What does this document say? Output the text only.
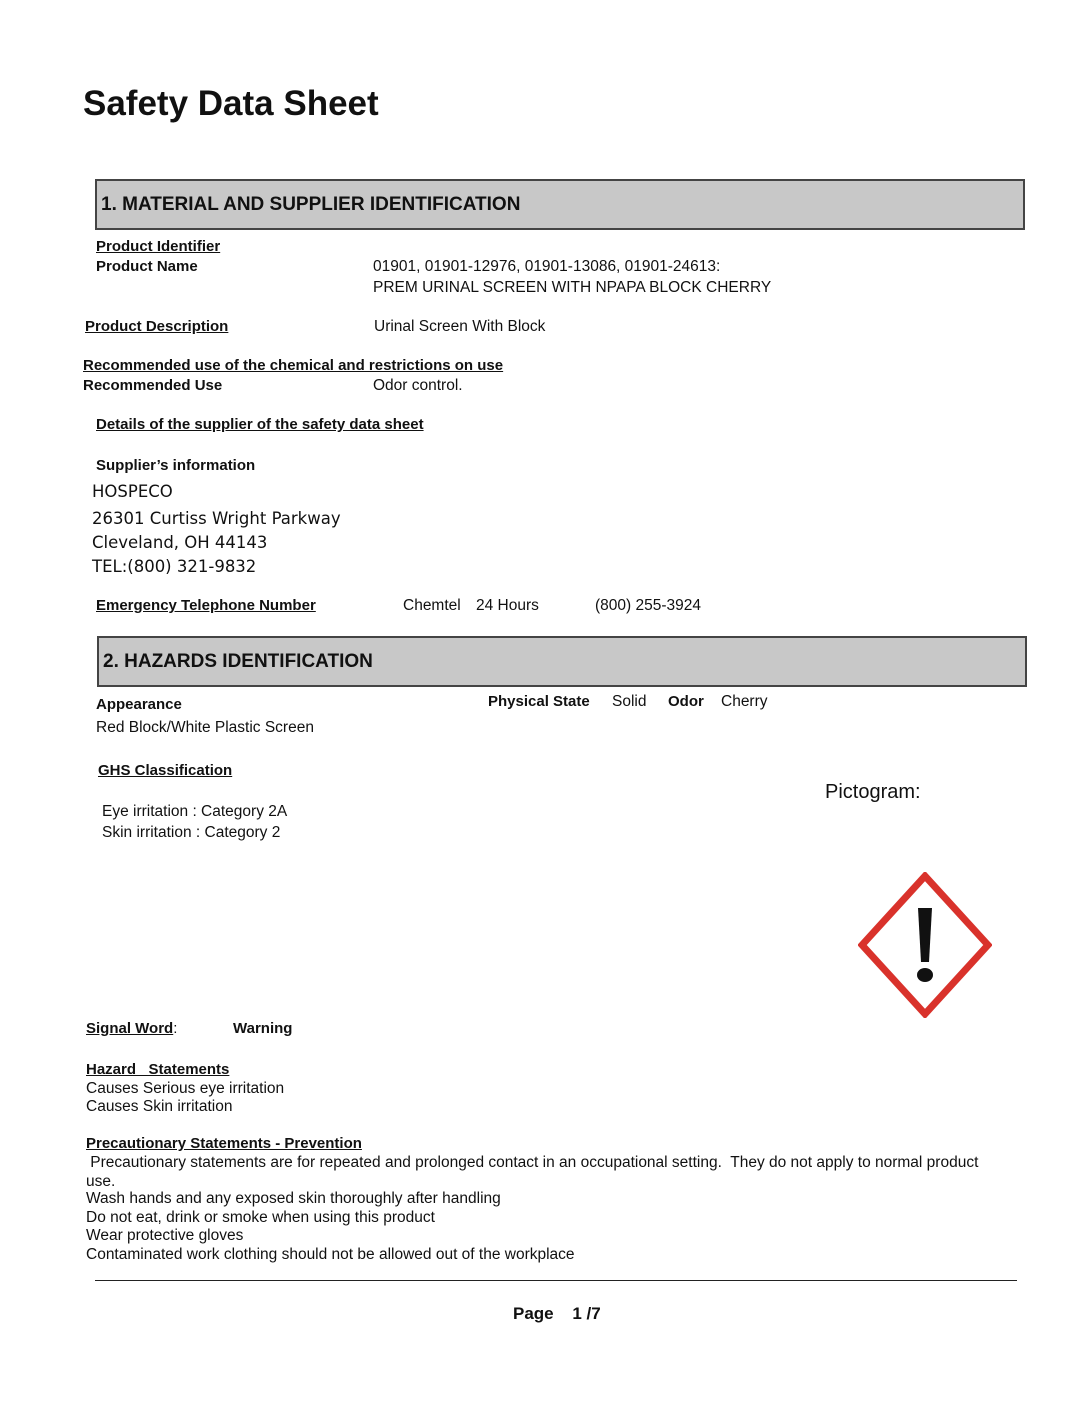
Safety Data Sheet
1. MATERIAL AND SUPPLIER IDENTIFICATION
Product Identifier
Product Name	01901, 01901-12976, 01901-13086, 01901-24613:
PREM URINAL SCREEN WITH NPAPA BLOCK CHERRY
Product Description	Urinal Screen With Block
Recommended use of the chemical and restrictions on use
Recommended Use	Odor control.
Details of the supplier of the safety data sheet
Supplier’s information
HOSPECO
26301 Curtiss Wright Parkway
Cleveland, OH 44143
TEL:(800) 321-9832
Emergency Telephone Number	Chemtel 24 Hours	(800) 255-3924
2. HAZARDS IDENTIFICATION
Appearance
Red Block/White Plastic Screen
Physical State Solid Odor Cherry
GHS Classification
Eye irritation : Category 2A
Skin irritation : Category 2
Pictogram:
Signal Word:	Warning
Hazard   Statements
Causes Serious eye irritation
Causes Skin irritation
Precautionary Statements - Prevention
Precautionary statements are for repeated and prolonged contact in an occupational setting.  They do not apply to normal product
use.
Wash hands and any exposed skin thoroughly after handling
Do not eat, drink or smoke when using this product
Wear protective gloves
Contaminated work clothing should not be allowed out of the workplace
Page 1 /7
